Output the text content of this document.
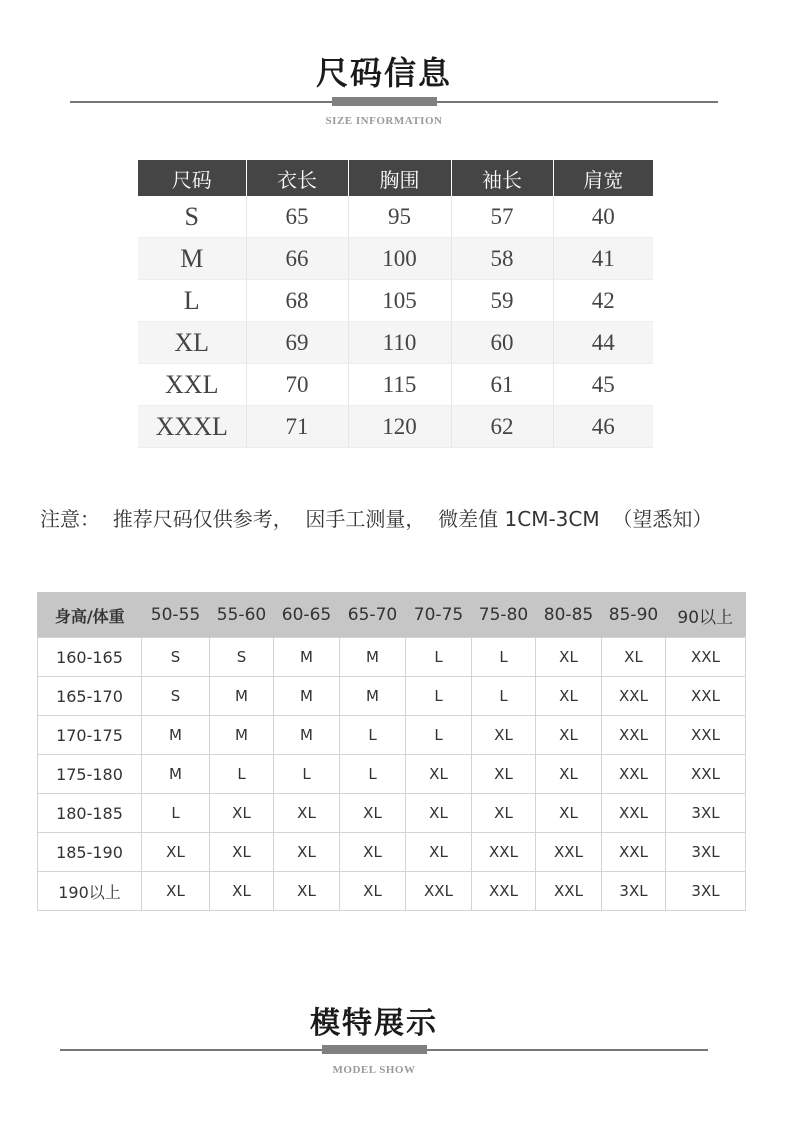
尺码信息
SIZE INFORMATION
尺码	衣长	胸围	袖长	肩宽
S	65	95	57	40
M	66	100	58	41
L	68	105	59	42
XL	69	110	60	44
XXL	70	115	61	45
XXXL	71	120	62	46
注意：  推荐尺码仅供参考，  因手工测量，  微差值 1CM-3CM  （望悉知）
身高/体重	50-55	55-60	60-65	65-70	70-75	75-80	80-85	85-90	90以上
160-165	S	S	M	M	L	L	XL	XL	XXL
165-170	S	M	M	M	L	L	XL	XXL	XXL
170-175	M	M	M	L	L	XL	XL	XXL	XXL
175-180	M	L	L	L	XL	XL	XL	XXL	XXL
180-185	L	XL	XL	XL	XL	XL	XL	XXL	3XL
185-190	XL	XL	XL	XL	XL	XXL	XXL	XXL	3XL
190以上	XL	XL	XL	XL	XXL	XXL	XXL	3XL	3XL
模特展示
MODEL SHOW
